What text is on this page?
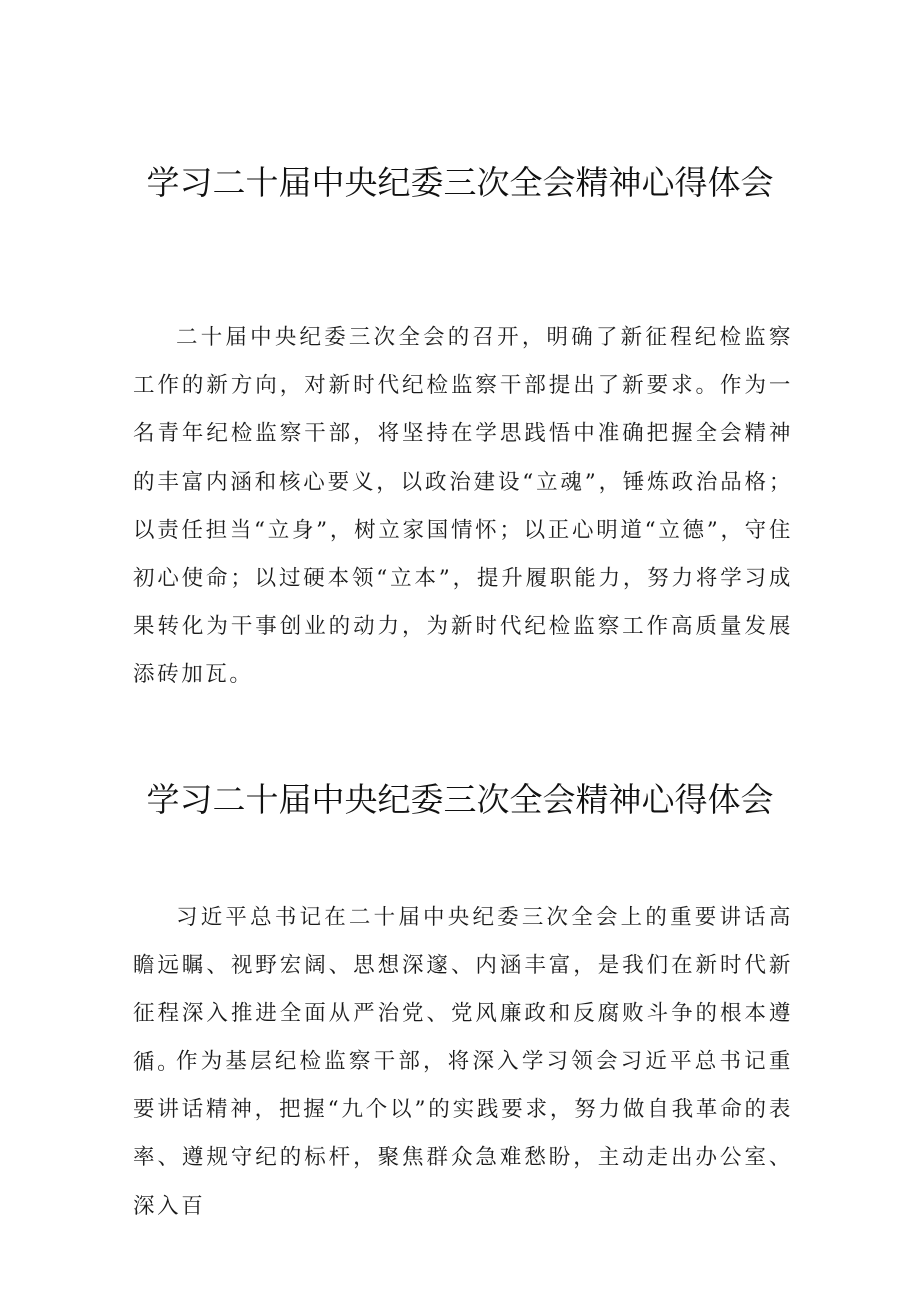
学习二十届中央纪委三次全会精神心得体会

二十届中央纪委三次全会的召开，明确了新征程纪检监察工作的新方向，对新时代纪检监察干部提出了新要求。作为一名青年纪检监察干部，将坚持在学思践悟中准确把握全会精神的丰富内涵和核心要义，以政治建设“立魂”，锤炼政治品格；以责任担当“立身”，树立家国情怀；以正心明道“立德”，守住初心使命；以过硬本领“立本”，提升履职能力，努力将学习成果转化为干事创业的动力，为新时代纪检监察工作高质量发展添砖加瓦。

学习二十届中央纪委三次全会精神心得体会

习近平总书记在二十届中央纪委三次全会上的重要讲话高瞻远瞩、视野宏阔、思想深邃、内涵丰富，是我们在新时代新征程深入推进全面从严治党、党风廉政和反腐败斗争的根本遵循。

作为基层纪检监察干部，将深入学习领会习近平总书记重要讲话精神，把握“九个以”的实践要求，努力做自我革命的表率、遵规守纪的标杆，聚焦群众急难愁盼，主动走出办公室、深入百
